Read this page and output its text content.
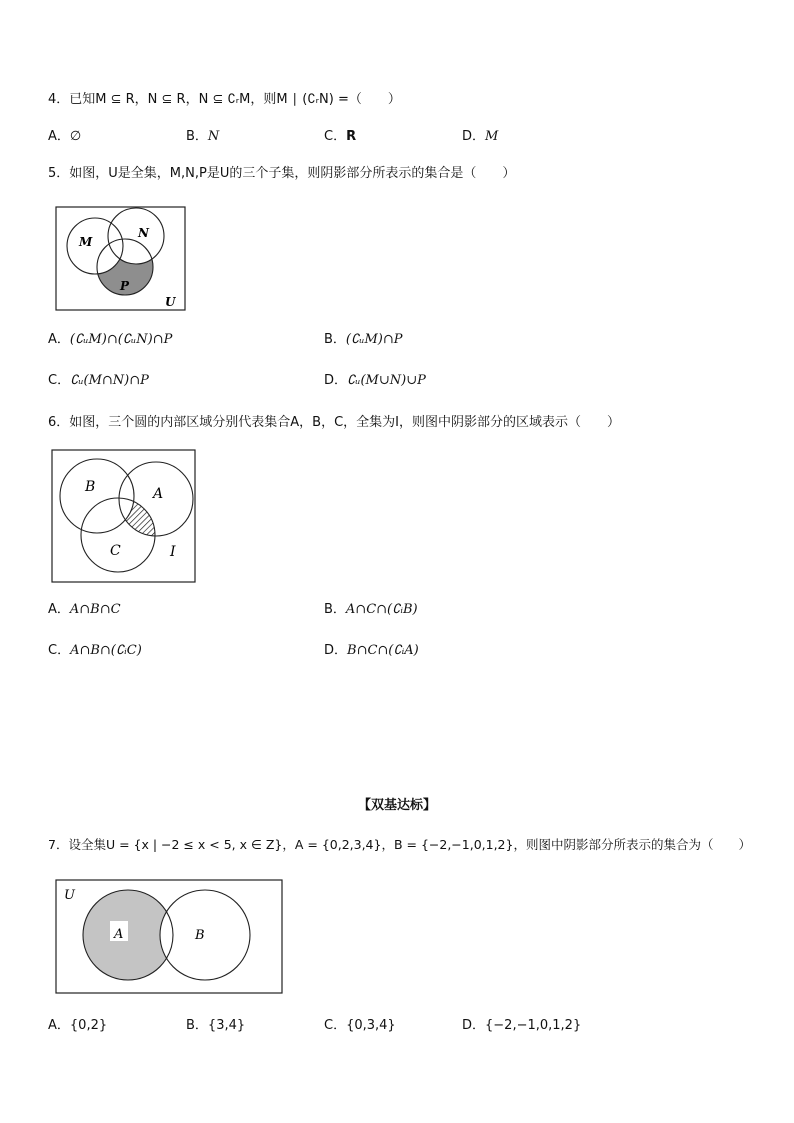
4．已知M ⊆ R，N ⊆ R，N ⊆ ∁ᵣM，则M ∣ (∁ᵣN) =（　　）
A．∅	B．N	C．R	D．M
5．如图，U是全集，M,N,P是U的三个子集，则阴影部分所表示的集合是（　　）
M
N
P
U
A．(∁ᵤM)∩(∁ᵤN)∩P	B．(∁ᵤM)∩P
C．∁ᵤ(M∩N)∩P	D．∁ᵤ(M∪N)∪P
6．如图，三个圆的内部区域分别代表集合A，B，C，全集为I，则图中阴影部分的区域表示（　　）
B	A
C	I
A．A∩B∩C	B．A∩C∩(∁ᵢB)
C．A∩B∩(∁ᵢC)	D．B∩C∩(∁ᵢA)
【双基达标】
7．设全集U = {x | −2 ≤ x < 5, x ∈ Z}，A = {0,2,3,4}，B = {−2,−1,0,1,2}，则图中阴影部分所表示的集合为（　　）
U
A	B
A．{0,2}	B．{3,4}	C．{0,3,4}	D．{−2,−1,0,1,2}
